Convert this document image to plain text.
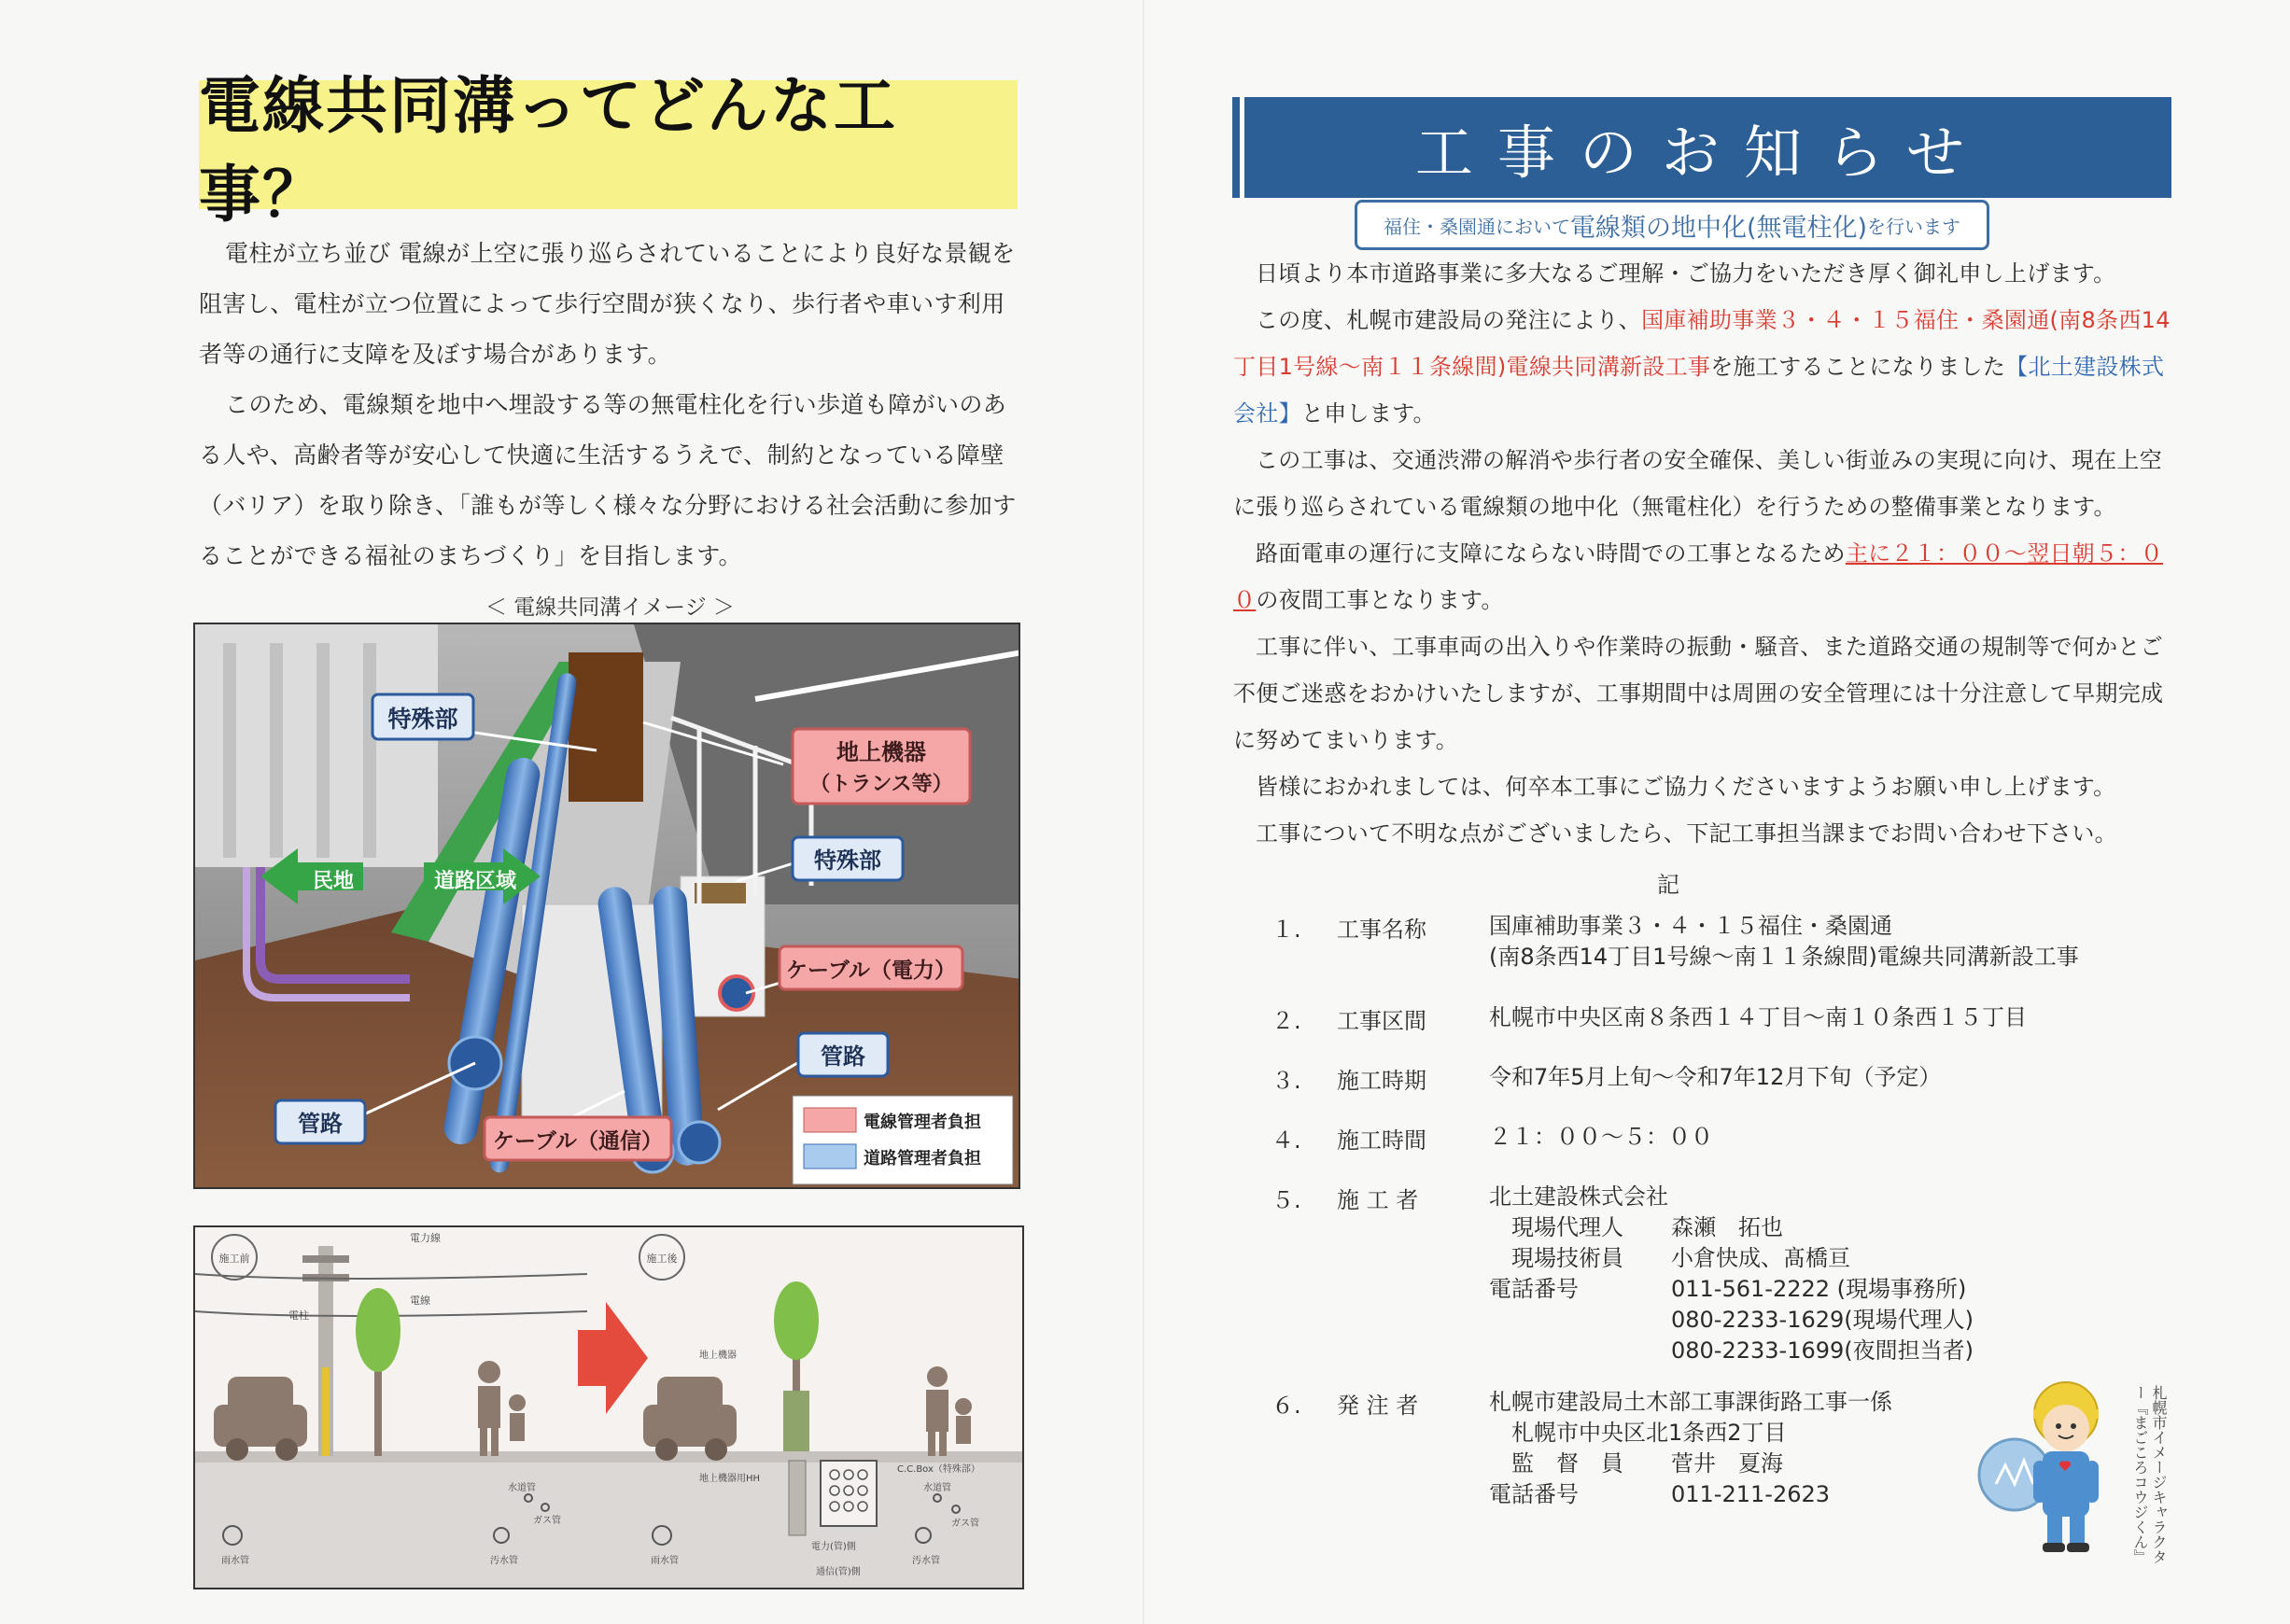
電線共同溝ってどんな工事？

電柱が立ち並び 電線が上空に張り巡らされていることにより良好な景観を阻害し、電柱が立つ位置によって歩行空間が狭くなり、歩行者や車いす利用者等の通行に支障を及ぼす場合があります。

このため、電線類を地中へ埋設する等の無電柱化を行い歩道も障がいのある人や、高齢者等が安心して快適に生活するうえで、制約となっている障壁（バリア）を取り除き、「誰もが等しく様々な分野における社会活動に参加することができる福祉のまちづくり」を目指します。

＜ 電線共同溝イメージ ＞
特殊部
地上機器
（トランス等）
特殊部
民地	道路区域
ケーブル（電力）
管路
管路
ケーブル（通信）
電線管理者負担
道路管理者負担
施工前
電力線
電線
電柱
雨水管	汚水管
水道管
ガス管
施工後
地上機器
地上機器用HH
C.C.Box（特殊部）
電力(管)側
通信(管)側
雨水管	汚水管
水道管
ガス管
工事のお知らせ
福住・桑園通において 電線類の地中化(無電柱化) を行います

日頃より本市道路事業に多大なるご理解・ご協力をいただき厚く御礼申し上げます。

この度、札幌市建設局の発注により、国庫補助事業３・４・１５福住・桑園通(南8条西14丁目1号線〜南１１条線間)電線共同溝新設工事を施工することになりました【北土建設株式会社】と申します。

この工事は、交通渋滞の解消や歩行者の安全確保、美しい街並みの実現に向け、現在上空に張り巡らされている電線類の地中化（無電柱化）を行うための整備事業となります。

路面電車の運行に支障にならない時間での工事となるため主に２１：００〜翌日朝５：００の夜間工事となります。

工事に伴い、工事車両の出入りや作業時の振動・騒音、また道路交通の規制等で何かとご不便ご迷惑をおかけいたしますが、工事期間中は周囲の安全管理には十分注意して早期完成に努めてまいります。

皆様におかれましては、何卒本工事にご協力くださいますようお願い申し上げます。

工事について不明な点がございましたら、下記工事担当課までお問い合わせ下さい。

記
１.	工事名称	国庫補助事業３・４・１５福住・桑園通
(南8条西14丁目1号線〜南１１条線間)電線共同溝新設工事
２.	工事区間	札幌市中央区南８条西１４丁目〜南１０条西１５丁目
３.	施工時期	令和7年5月上旬〜令和7年12月下旬（予定）
４.	施工時間	２１：００〜５：００
５.	施 工 者	北土建設株式会社
現場代理人	森瀬　拓也
現場技術員	小倉快成、髙橋亘
電話番号	011-561-2222 (現場事務所)
080-2233-1629(現場代理人)
080-2233-1699(夜間担当者)
６.	発 注 者	札幌市建設局土木部工事課街路工事一係
札幌市中央区北1条西2丁目
監　督　員	菅井　夏海
電話番号	011-211-2623	札幌市イメージキャラクター『まごころコウジくん』
